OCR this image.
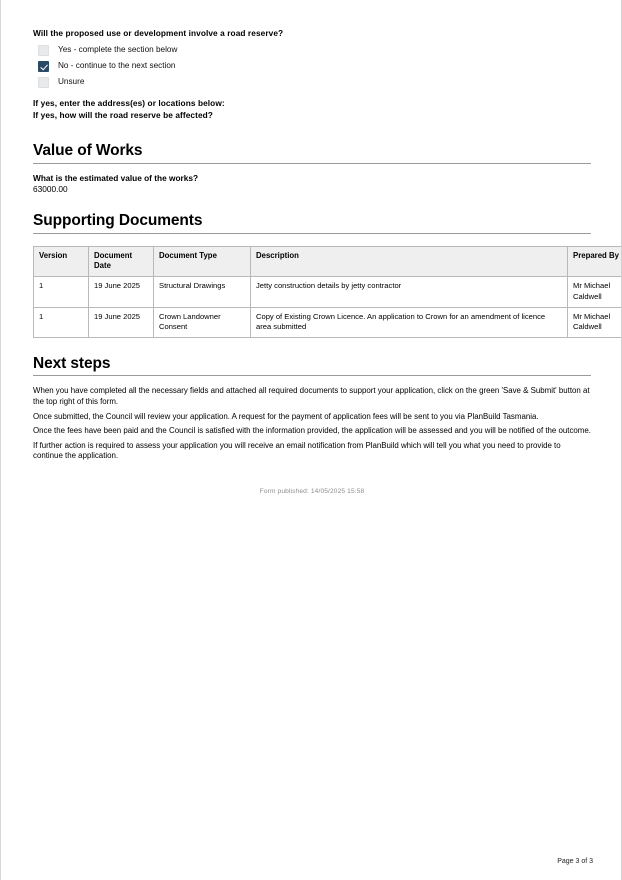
Will the proposed use or development involve a road reserve?

Yes - complete the section below
No - continue to the next section
Unsure

If yes, enter the address(es) or locations below:

If yes, how will the road reserve be affected?

Value of Works

What is the estimated value of the works?

63000.00

Supporting Documents
Version	Document Date	Document Type	Description	Prepared By
1	19 June 2025	Structural Drawings	Jetty construction details by jetty contractor	Mr Michael Caldwell
1	19 June 2025	Crown Landowner Consent	Copy of Existing Crown Licence. An application to Crown for an amendment of licence area submitted	Mr Michael Caldwell
Next steps

When you have completed all the necessary fields and attached all required documents to support your application, click on the green 'Save & Submit' button at the top right of this form.

Once submitted, the Council will review your application. A request for the payment of application fees will be sent to you via PlanBuild Tasmania.

Once the fees have been paid and the Council is satisfied with the information provided, the application will be assessed and you will be notified of the outcome.

If further action is required to assess your application you will receive an email notification from PlanBuild which will tell you what you need to provide to continue the application.

Form published: 14/05/2025 15:58
Page 3 of 3
